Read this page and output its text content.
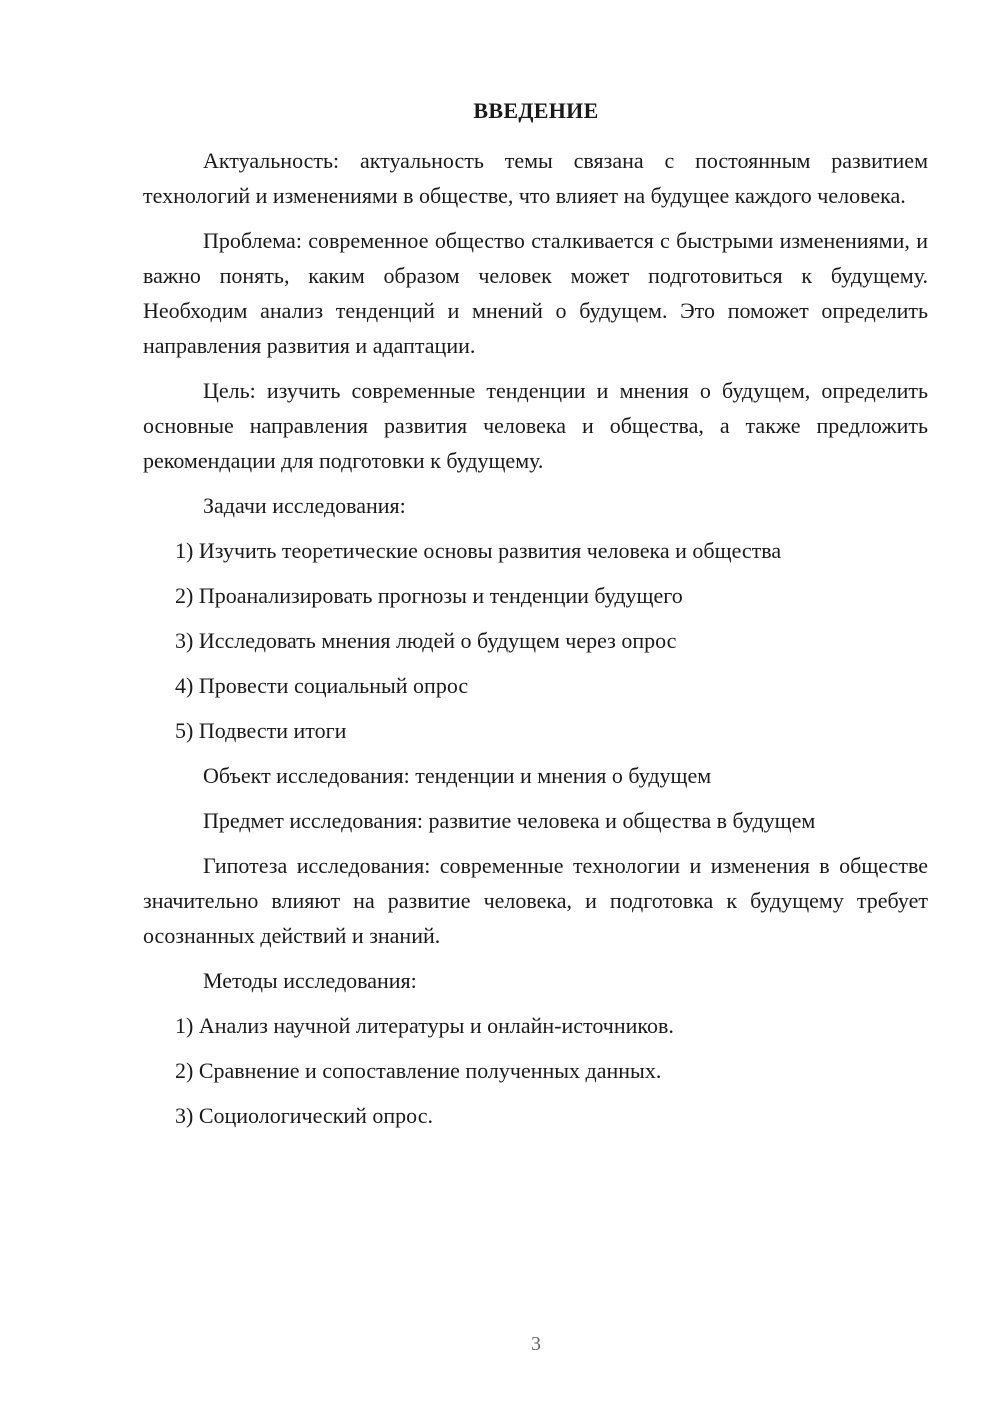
ВВЕДЕНИЕ

Актуальность: актуальность темы связана с постоянным развитием технологий и изменениями в обществе, что влияет на будущее каждого человека.

Проблема: современное общество сталкивается с быстрыми изменениями, и важно понять, каким образом человек может подготовиться к будущему. Необходим анализ тенденций и мнений о будущем. Это поможет определить направления развития и адаптации.

Цель: изучить современные тенденции и мнения о будущем, определить основные направления развития человека и общества, а также предложить рекомендации для подготовки к будущему.

Задачи исследования:

1) Изучить теоретические основы развития человека и общества

2) Проанализировать прогнозы и тенденции будущего

3) Исследовать мнения людей о будущем через опрос

4) Провести социальный опрос

5) Подвести итоги

Объект исследования: тенденции и мнения о будущем

Предмет исследования: развитие человека и общества в будущем

Гипотеза исследования: современные технологии и изменения в обществе значительно влияют на развитие человека, и подготовка к будущему требует осознанных действий и знаний.

Методы исследования:

1) Анализ научной литературы и онлайн-источников.

2) Сравнение и сопоставление полученных данных.

3) Социологический опрос.

3
